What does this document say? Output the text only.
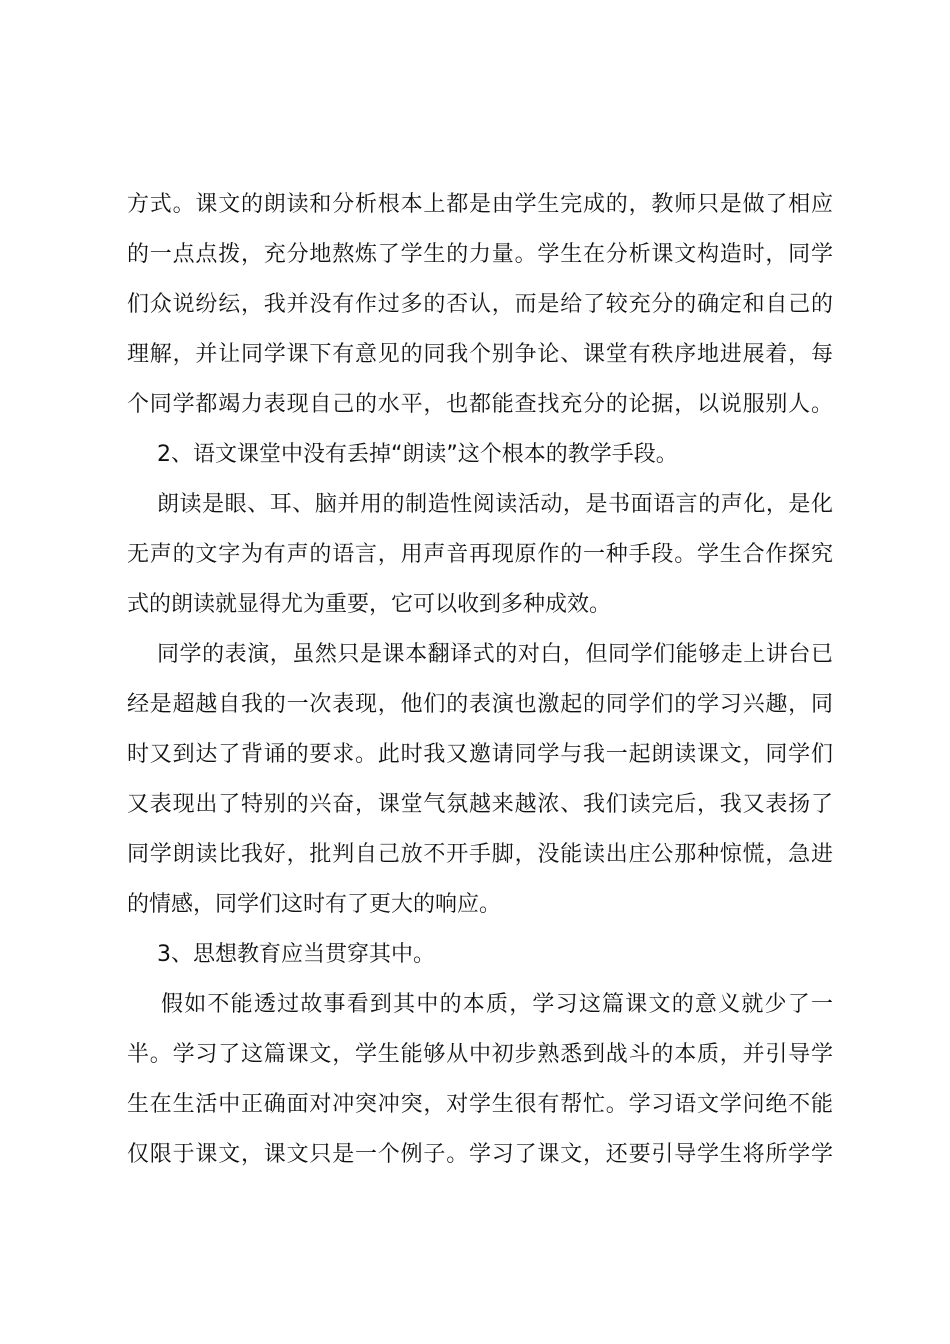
方式。课文的朗读和分析根本上都是由学生完成的，教师只是做了相应
的一点点拨，充分地熬炼了学生的力量。学生在分析课文构造时，同学
们众说纷纭，我并没有作过多的否认，而是给了较充分的确定和自己的
理解，并让同学课下有意见的同我个别争论、课堂有秩序地进展着，每
个同学都竭力表现自己的水平，也都能查找充分的论据，以说服别人。
2、语文课堂中没有丢掉“朗读”这个根本的教学手段。
朗读是眼、耳、脑并用的制造性阅读活动，是书面语言的声化，是化
无声的文字为有声的语言，用声音再现原作的一种手段。学生合作探究
式的朗读就显得尤为重要，它可以收到多种成效。
同学的表演，虽然只是课本翻译式的对白，但同学们能够走上讲台已
经是超越自我的一次表现，他们的表演也激起的同学们的学习兴趣，同
时又到达了背诵的要求。此时我又邀请同学与我一起朗读课文，同学们
又表现出了特别的兴奋，课堂气氛越来越浓、我们读完后，我又表扬了
同学朗读比我好，批判自己放不开手脚，没能读出庄公那种惊慌，急进
的情感，同学们这时有了更大的响应。
3、思想教育应当贯穿其中。
假如不能透过故事看到其中的本质，学习这篇课文的意义就少了一
半。学习了这篇课文，学生能够从中初步熟悉到战斗的本质，并引导学
生在生活中正确面对冲突冲突，对学生很有帮忙。学习语文学问绝不能
仅限于课文，课文只是一个例子。学习了课文，还要引导学生将所学学
